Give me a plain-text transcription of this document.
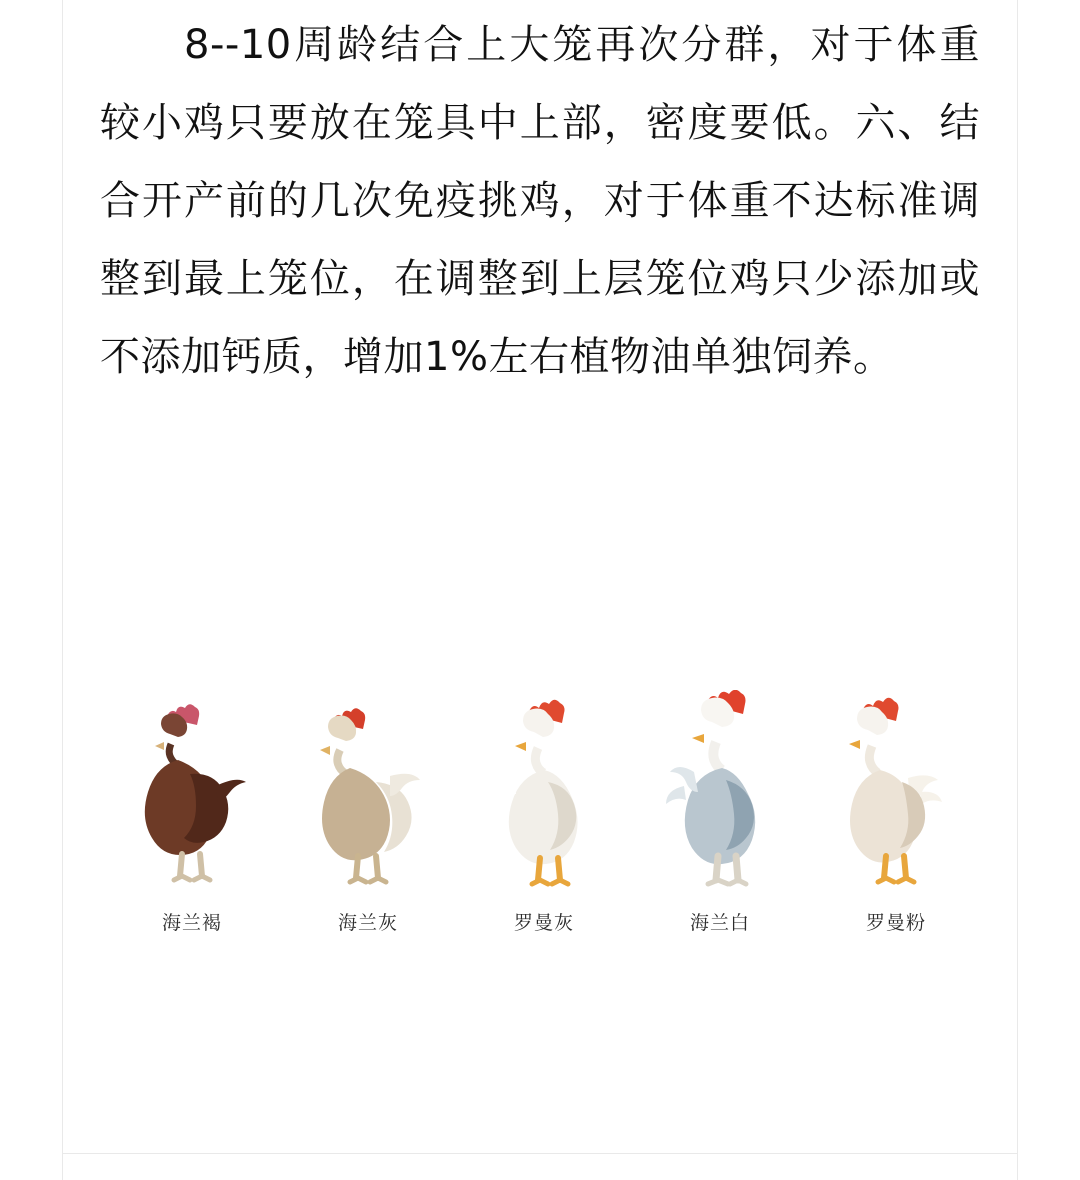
8--10周龄结合上大笼再次分群，对于体重较小鸡只要放在笼具中上部，密度要低。六、结合开产前的几次免疫挑鸡，对于体重不达标准调整到最上笼位，在调整到上层笼位鸡只少添加或不添加钙质，增加1%左右植物油单独饲养。

海兰褐	海兰灰	罗曼灰	海兰白	罗曼粉
